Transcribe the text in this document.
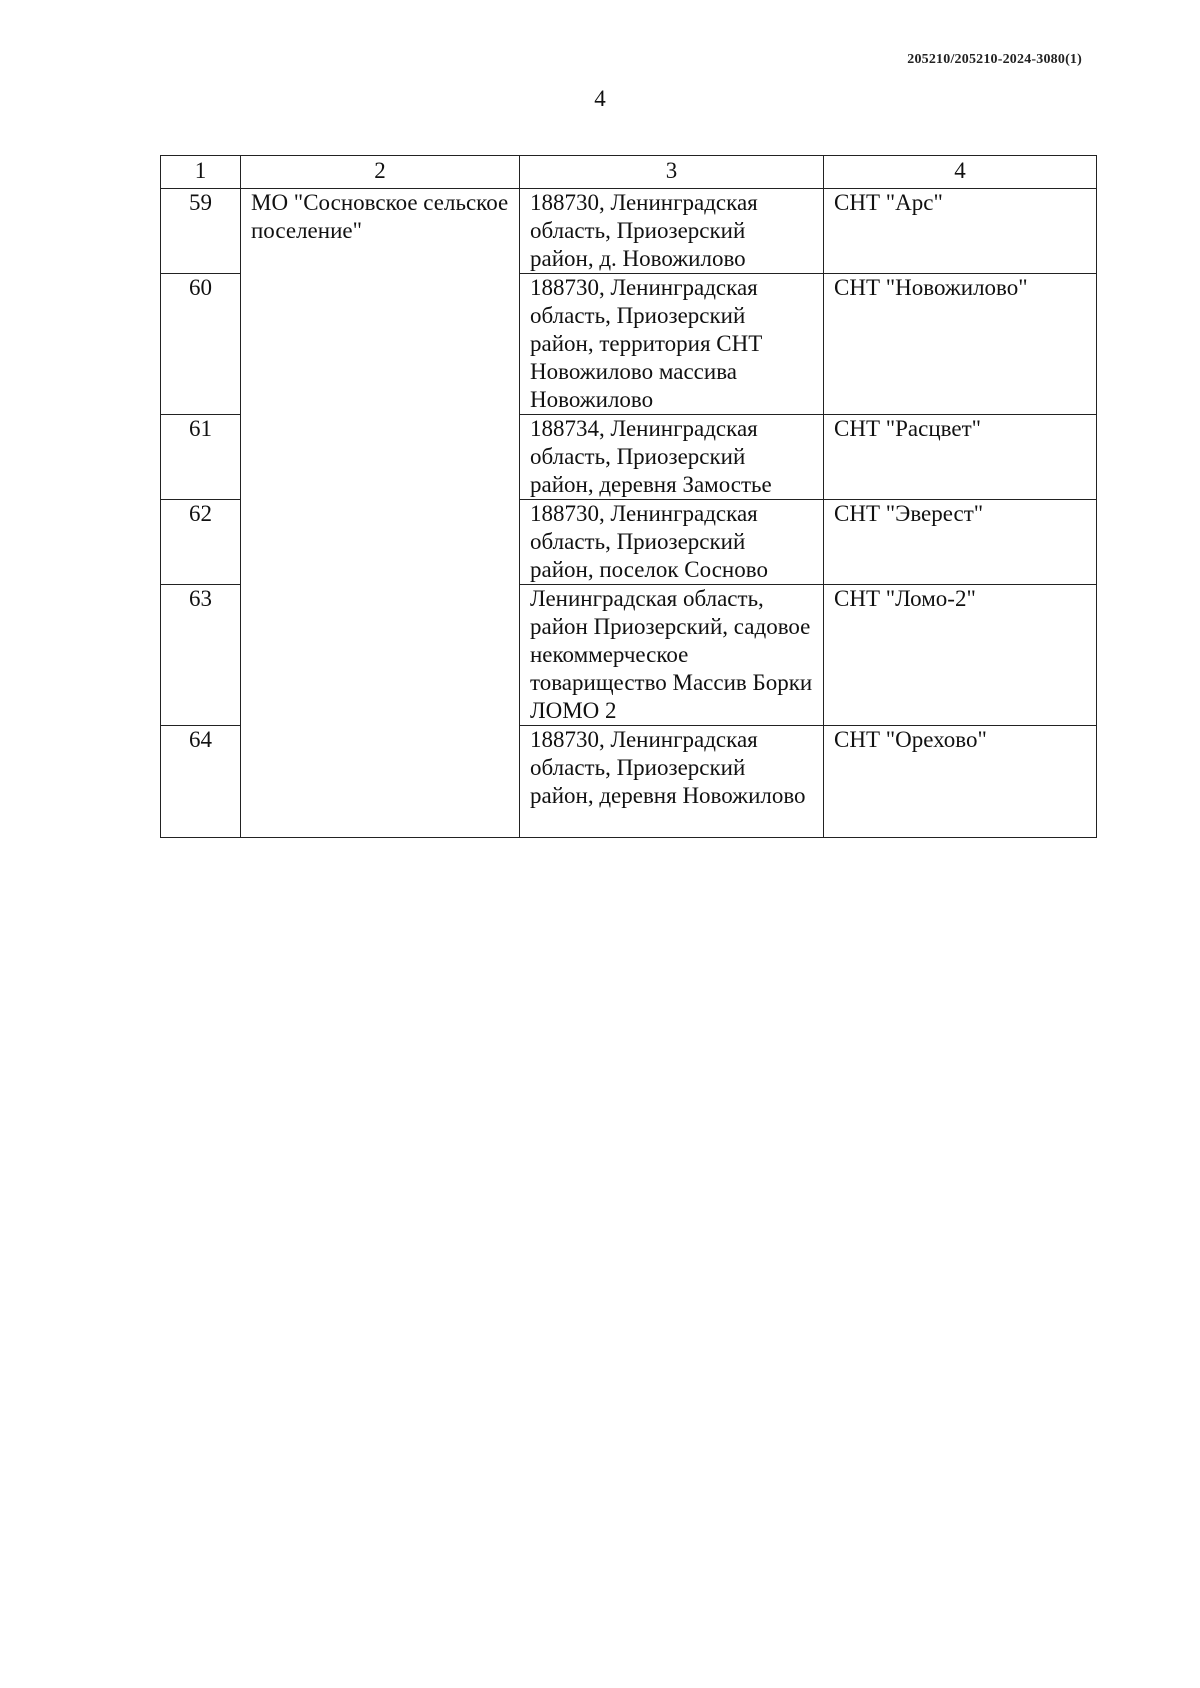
205210/205210-2024-3080(1)
4
1	2	3	4
59	МО "Сосновское сельское поселение"	188730, Ленинградская область, Приозерский район, д. Новожилово	СНТ "Арс"
60		188730, Ленинградская область, Приозерский район, территория СНТ Новожилово массива Новожилово	СНТ "Новожилово"
61		188734, Ленинградская область, Приозерский район, деревня Замостье	СНТ "Расцвет"
62		188730, Ленинградская область, Приозерский район, поселок Сосново	СНТ "Эверест"
63		Ленинградская область, район Приозерский, садовое некоммерческое товарищество Массив Борки ЛОМО 2	СНТ "Ломо-2"
64		188730, Ленинградская область, Приозерский район, деревня Новожилово	СНТ "Орехово"
